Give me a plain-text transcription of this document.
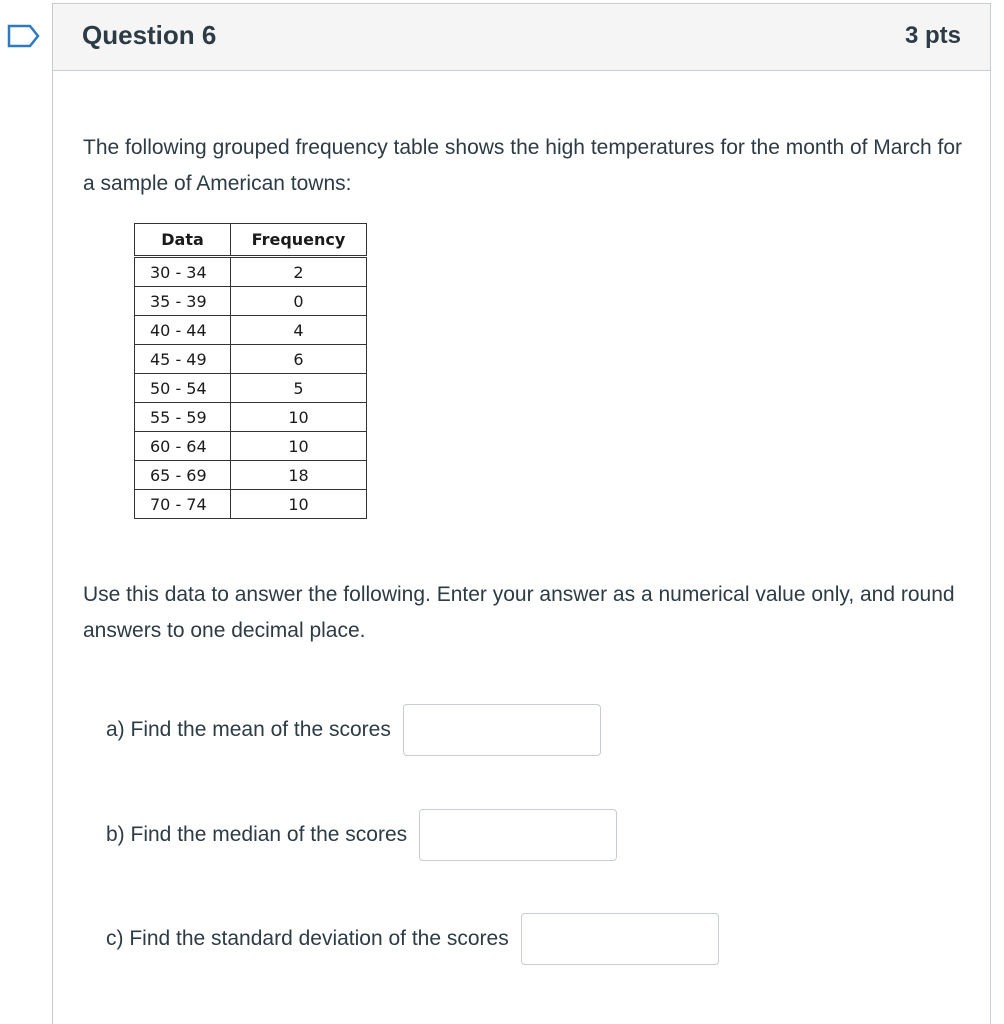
Question 6	3 pts
The following grouped frequency table shows the high temperatures for the month of March for a sample of American towns:
Data	Frequency
30 - 34	2
35 - 39	0
40 - 44	4
45 - 49	6
50 - 54	5
55 - 59	10
60 - 64	10
65 - 69	18
70 - 74	10
Use this data to answer the following. Enter your answer as a numerical value only, and round answers to one decimal place.
a) Find the mean of the scores
b) Find the median of the scores
c) Find the standard deviation of the scores
